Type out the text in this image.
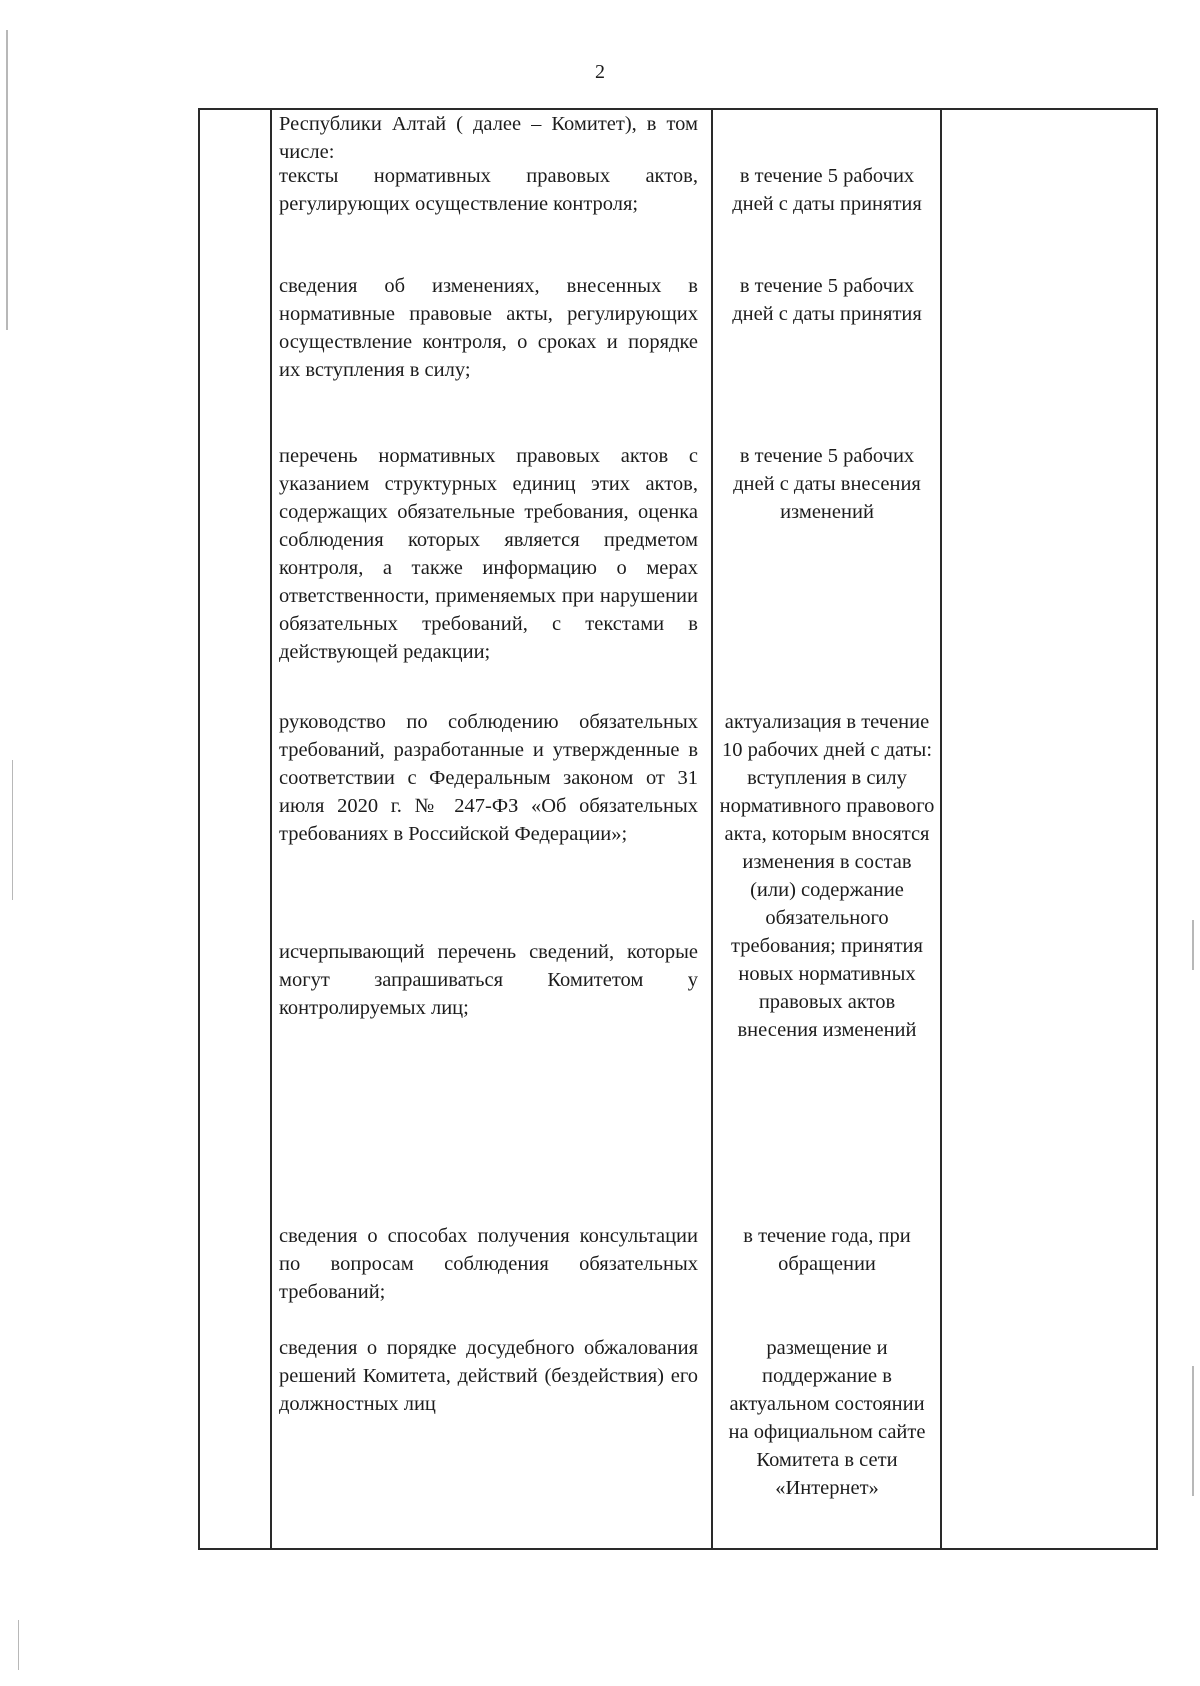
2
Республики Алтай ( далее – Комитет), в том числе:
тексты нормативных правовых актов, регулирующих осуществление контроля;
в течение 5 рабочих дней с даты принятия
сведения об изменениях, внесенных в нормативные правовые акты, регулирующих осуществление контроля, о сроках и порядке их вступления в силу;
в течение 5 рабочих дней с даты принятия
перечень нормативных правовых актов с указанием структурных единиц этих актов, содержащих обязательные требования, оценка соблюдения которых является предметом контроля, а также информацию о мерах ответственности, применяемых при нарушении обязательных требований, с текстами в действующей редакции;
в течение 5 рабочих дней с даты внесения изменений
руководство по соблюдению обязательных требований, разработанные и утвержденные в соответствии с Федеральным законом от 31 июля 2020 г. № 247-ФЗ «Об обязательных требованиях в Российской Федерации»;
актуализация в течение 10 рабочих дней с даты: вступления в силу нормативного правового акта, которым вносятся изменения в состав (или) содержание обязательного требования; принятия новых нормативных правовых актов внесения изменений
исчерпывающий перечень сведений, которые могут запрашиваться Комитетом у контролируемых лиц;
сведения о способах получения консультации по вопросам соблюдения обязательных требований;
в течение года, при обращении
сведения о порядке досудебного обжалования решений Комитета, действий (бездействия) его должностных лиц
размещение и поддержание в актуальном состоянии на официальном сайте Комитета в сети «Интернет»
